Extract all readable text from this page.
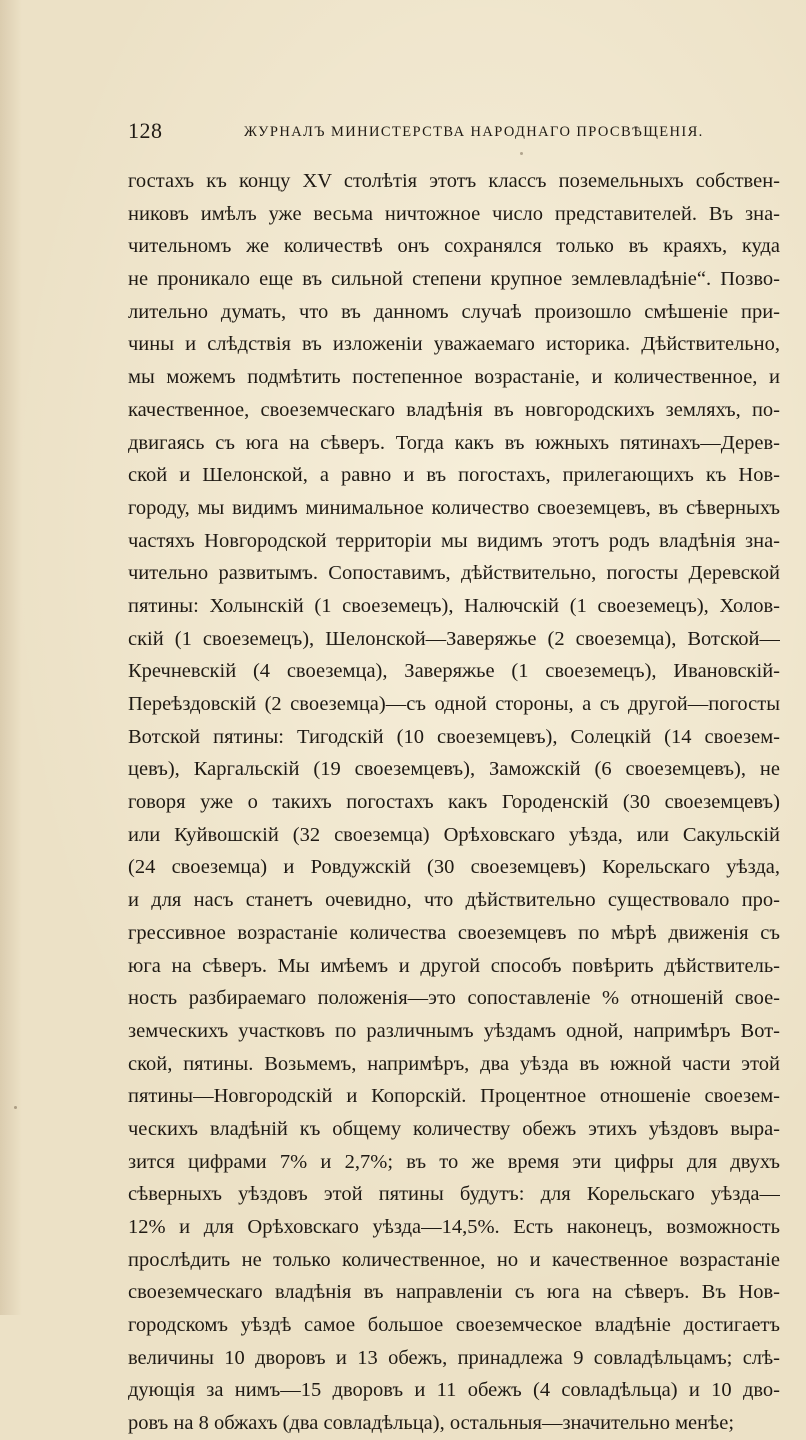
128	ЖУРНАЛЪ МИНИСТЕРСТВА НАРОДНАГО ПРОСВѢЩЕНІЯ.
гостахъ къ концу XV столѣтія этотъ классъ поземельныхъ собствен-
никовъ имѣлъ уже весьма ничтожное число представителей. Въ зна-
чительномъ же количествѣ онъ сохранялся только въ краяхъ, куда
не проникало еще въ сильной степени крупное землевладѣніе“. Позво-
лительно думать, что въ данномъ случаѣ произошло смѣшеніе при-
чины и слѣдствія въ изложеніи уважаемаго историка. Дѣйствительно,
мы можемъ подмѣтить постепенное возрастаніе, и количественное, и
качественное, своеземческаго владѣнія въ новгородскихъ земляхъ, по-
двигаясь съ юга на сѣверъ. Тогда какъ въ южныхъ пятинахъ—Дерев-
ской и Шелонской, а равно и въ погостахъ, прилегающихъ къ Нов-
городу, мы видимъ минимальное количество своеземцевъ, въ сѣверныхъ
частяхъ Новгородской территоріи мы видимъ этотъ родъ владѣнія зна-
чительно развитымъ. Сопоставимъ, дѣйствительно, погосты Деревской
пятины: Холынскій (1 своеземецъ), Налючскій (1 своеземецъ), Холов-
скій (1 своеземецъ), Шелонской—Заверяжье (2 своеземца), Вотской—
Кречневскій (4 своеземца), Заверяжье (1 своеземецъ), Ивановскій-
Переѣздовскій (2 своеземца)—съ одной стороны, а съ другой—погосты
Вотской пятины: Тигодскій (10 своеземцевъ), Солецкій (14 своезем-
цевъ), Каргальскій (19 своеземцевъ), Заможскій (6 своеземцевъ), не
говоря уже о такихъ погостахъ какъ Городенскій (30 своеземцевъ)
или Куйвошскій (32 своеземца) Орѣховскаго уѣзда, или Сакульскій
(24 своеземца) и Ровдужскій (30 своеземцевъ) Корельскаго уѣзда,
и для насъ станетъ очевидно, что дѣйствительно существовало про-
грессивное возрастаніе количества своеземцевъ по мѣрѣ движенія съ
юга на сѣверъ. Мы имѣемъ и другой способъ повѣрить дѣйствитель-
ность разбираемаго положенія—это сопоставленіе % отношеній свое-
земческихъ участковъ по различнымъ уѣздамъ одной, напримѣръ Вот-
ской, пятины. Возьмемъ, напримѣръ, два уѣзда въ южной части этой
пятины—Новгородскій и Копорскій. Процентное отношеніе своезем-
ческихъ владѣній къ общему количеству обежъ этихъ уѣздовъ выра-
зится цифрами 7% и 2,7%; въ то же время эти цифры для двухъ
сѣверныхъ уѣздовъ этой пятины будутъ: для Корельскаго уѣзда—
12% и для Орѣховскаго уѣзда—14,5%. Есть наконецъ, возможность
прослѣдить не только количественное, но и качественное возрастаніе
своеземческаго владѣнія въ направленіи съ юга на сѣверъ. Въ Нов-
городскомъ уѣздѣ самое большое своеземческое владѣніе достигаетъ
величины 10 дворовъ и 13 обежъ, принадлежа 9 совладѣльцамъ; слѣ-
дующія за нимъ—15 дворовъ и 11 обежъ (4 совладѣльца) и 10 дво-
ровъ на 8 обжахъ (два совладѣльца), остальныя—значительно менѣе;
